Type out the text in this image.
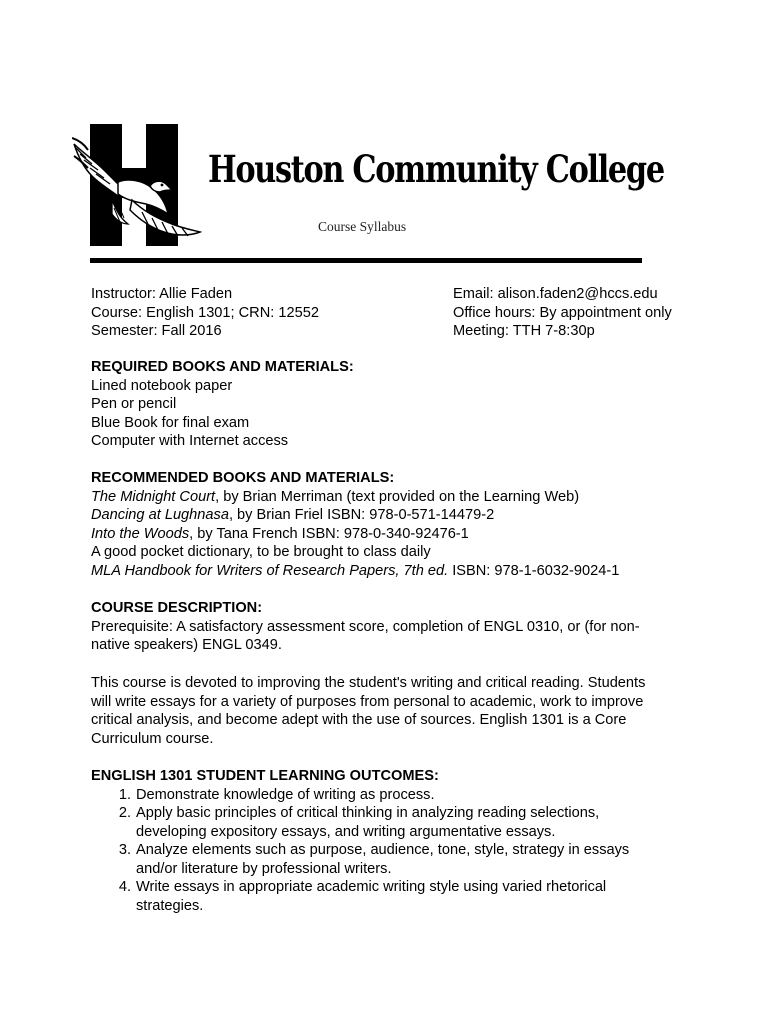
Houston Community College
Course Syllabus
Instructor: Allie Faden
Course: English 1301; CRN: 12552
Semester: Fall 2016
Email: alison.faden2@hccs.edu
Office hours: By appointment only
Meeting: TTH 7-8:30p
REQUIRED BOOKS AND MATERIALS:
Lined notebook paper
Pen or pencil
Blue Book for final exam
Computer with Internet access
RECOMMENDED BOOKS AND MATERIALS:
The Midnight Court, by Brian Merriman (text provided on the Learning Web)
Dancing at Lughnasa, by Brian Friel ISBN: 978-0-571-14479-2
Into the Woods, by Tana French ISBN: 978-0-340-92476-1
A good pocket dictionary, to be brought to class daily
MLA Handbook for Writers of Research Papers, 7th ed. ISBN: 978-1-6032-9024-1
COURSE DESCRIPTION:
Prerequisite: A satisfactory assessment score, completion of ENGL 0310, or (for non-
native speakers) ENGL 0349.
This course is devoted to improving the student's writing and critical reading. Students
will write essays for a variety of purposes from personal to academic, work to improve
critical analysis, and become adept with the use of sources. English 1301 is a Core
Curriculum course.
ENGLISH 1301 STUDENT LEARNING OUTCOMES:
1. Demonstrate knowledge of writing as process.
2. Apply basic principles of critical thinking in analyzing reading selections,
developing expository essays, and writing argumentative essays.
3. Analyze elements such as purpose, audience, tone, style, strategy in essays
and/or literature by professional writers.
4. Write essays in appropriate academic writing style using varied rhetorical
strategies.
